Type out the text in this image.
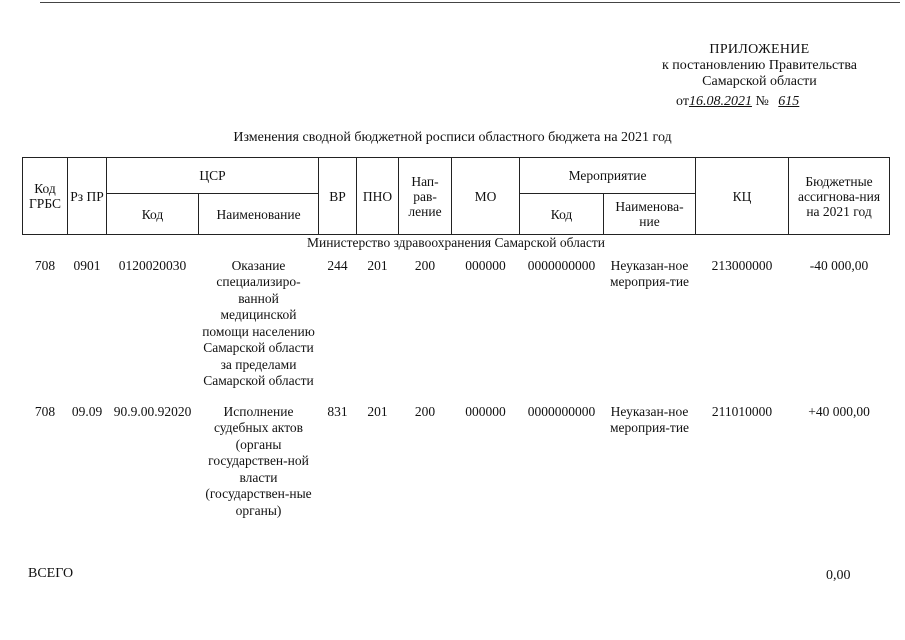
ПРИЛОЖЕНИЕ
к постановлению Правительства
Самарской области
от16.08.2021 № 615
Изменения сводной бюджетной росписи областного бюджета на 2021 год
Код ГРБС	Рз ПР	ЦСР		ВР	ПНО	Нап-рав-ление	МО	Мероприятие		КЦ	Бюджетные ассигнова-ния на 2021 год
		Код	Наименование					Код	Наименова-ние		
Министерство здравоохранения Самарской области											
708	0901	0120020030	Оказание специализиро-ванной медицинской помощи населению Самарской области за пределами Самарской области	244	201	200	000000	0000000000	Неуказан-ное мероприя-тие	213000000	-40 000,00
708	09.09	90.9.00.92020	Исполнение судебных актов (органы государствен-ной власти (государствен-ные органы)	831	201	200	000000	0000000000	Неуказан-ное мероприя-тие	211010000	+40 000,00
ВСЕГО	0,00
